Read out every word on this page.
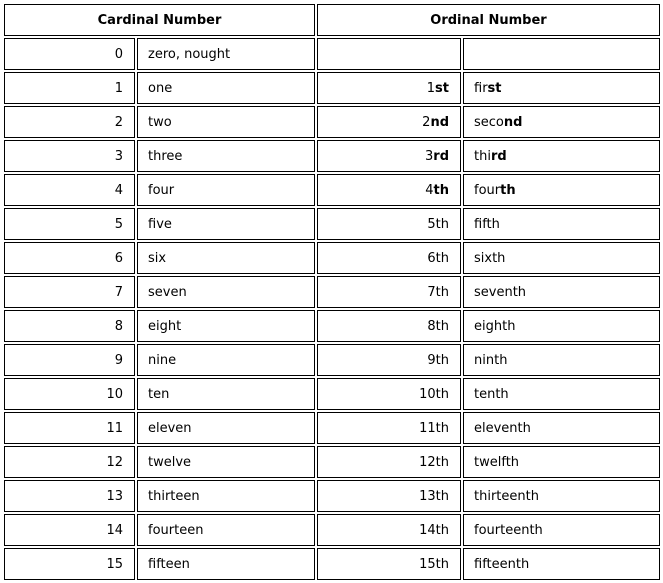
Cardinal Number		Ordinal Number	
0	zero, nought		
1	one	1st	first
2	two	2nd	second
3	three	3rd	third
4	four	4th	fourth
5	five	5th	fifth
6	six	6th	sixth
7	seven	7th	seventh
8	eight	8th	eighth
9	nine	9th	ninth
10	ten	10th	tenth
11	eleven	11th	eleventh
12	twelve	12th	twelfth
13	thirteen	13th	thirteenth
14	fourteen	14th	fourteenth
15	fifteen	15th	fifteenth
